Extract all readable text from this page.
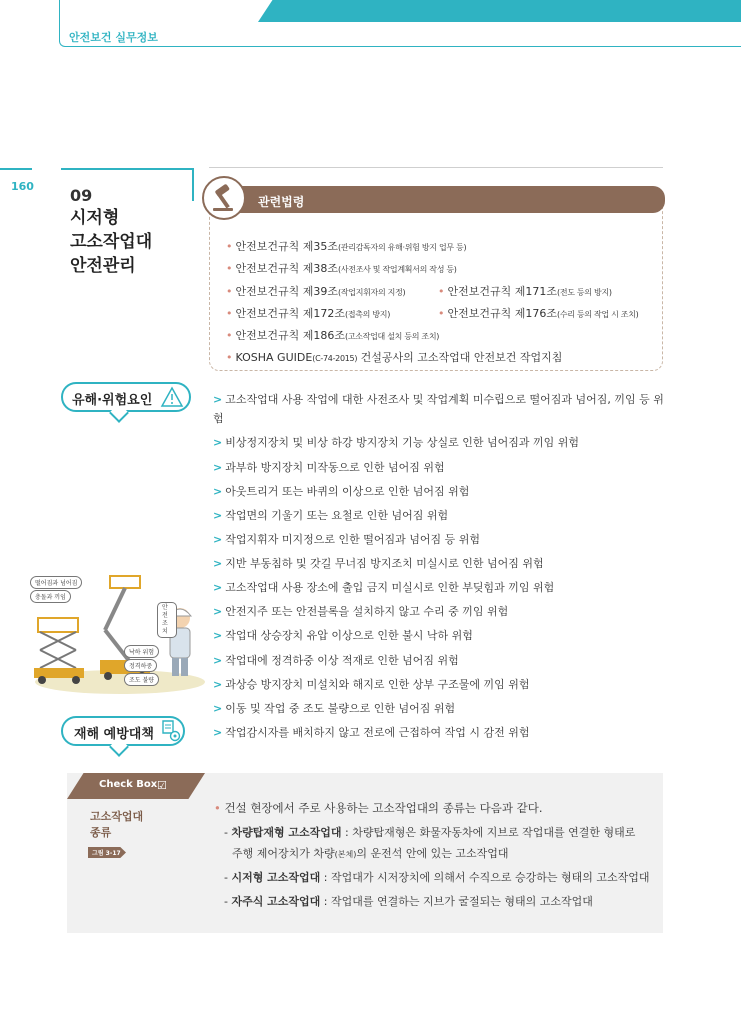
안전보건 실무정보
160 09
시저형
고소작업대
안전관리
관련법령
• 안전보건규칙 제35조(관리감독자의 유해·위험 방지 업무 등)
• 안전보건규칙 제38조(사전조사 및 작업계획서의 작성 등)
• 안전보건규칙 제39조(작업지휘자의 지정)	• 안전보건규칙 제171조(전도 등의 방지)
• 안전보건규칙 제172조(접촉의 방지)	• 안전보건규칙 제176조(수리 등의 작업 시 조치)
• 안전보건규칙 제186조(고소작업대 설치 등의 조치)
• KOSHA GUIDE(C-74-2015) 건설공사의 고소작업대 안전보건 작업지침
유해·위험요인	> 고소작업대 사용 작업에 대한 사전조사 및 작업계획 미수립으로 떨어짐과 넘어짐, 끼임 등 위험
> 비상정지장치 및 비상 하강 방지장치 기능 상실로 인한 넘어짐과 끼임 위험
> 과부하 방지장치 미작동으로 인한 넘어짐 위험
> 아웃트리거 또는 바퀴의 이상으로 인한 넘어짐 위험
> 작업면의 기울기 또는 요철로 인한 넘어짐 위험
> 작업지휘자 미지정으로 인한 떨어짐과 넘어짐 등 위험
> 지반 부동침하 및 갓길 무너짐 방지조치 미실시로 인한 넘어짐 위험
> 고소작업대 사용 장소에 출입 금지 미실시로 인한 부딪힘과 끼임 위험
> 안전지주 또는 안전블록을 설치하지 않고 수리 중 끼임 위험
> 작업대 상승장치 유압 이상으로 인한 불시 낙하 위험
> 작업대에 정격하중 이상 적재로 인한 넘어짐 위험
> 과상승 방지장치 미설치와 해지로 인한 상부 구조물에 끼임 위험
> 이동 및 작업 중 조도 불량으로 인한 넘어짐 위험
> 작업감시자를 배치하지 않고 전로에 근접하여 작업 시 감전 위험
떨어짐과 넘어짐
충돌과 끼임
안전조치
낙하 위험
정격하중
조도 불량
재해 예방대책
Check Box ☑
고소작업대
종류
그림 3-17
• 건설 현장에서 주로 사용하는 고소작업대의 종류는 다음과 같다.
- 차량탑재형 고소작업대 : 차량탑재형은 화물자동차에 지브로 작업대를 연결한 형태로
주행 제어장치가 차량(본체)의 운전석 안에 있는 고소작업대
- 시저형 고소작업대 : 작업대가 시저장치에 의해서 수직으로 승강하는 형태의 고소작업대
- 자주식 고소작업대 : 작업대를 연결하는 지브가 굴절되는 형태의 고소작업대
